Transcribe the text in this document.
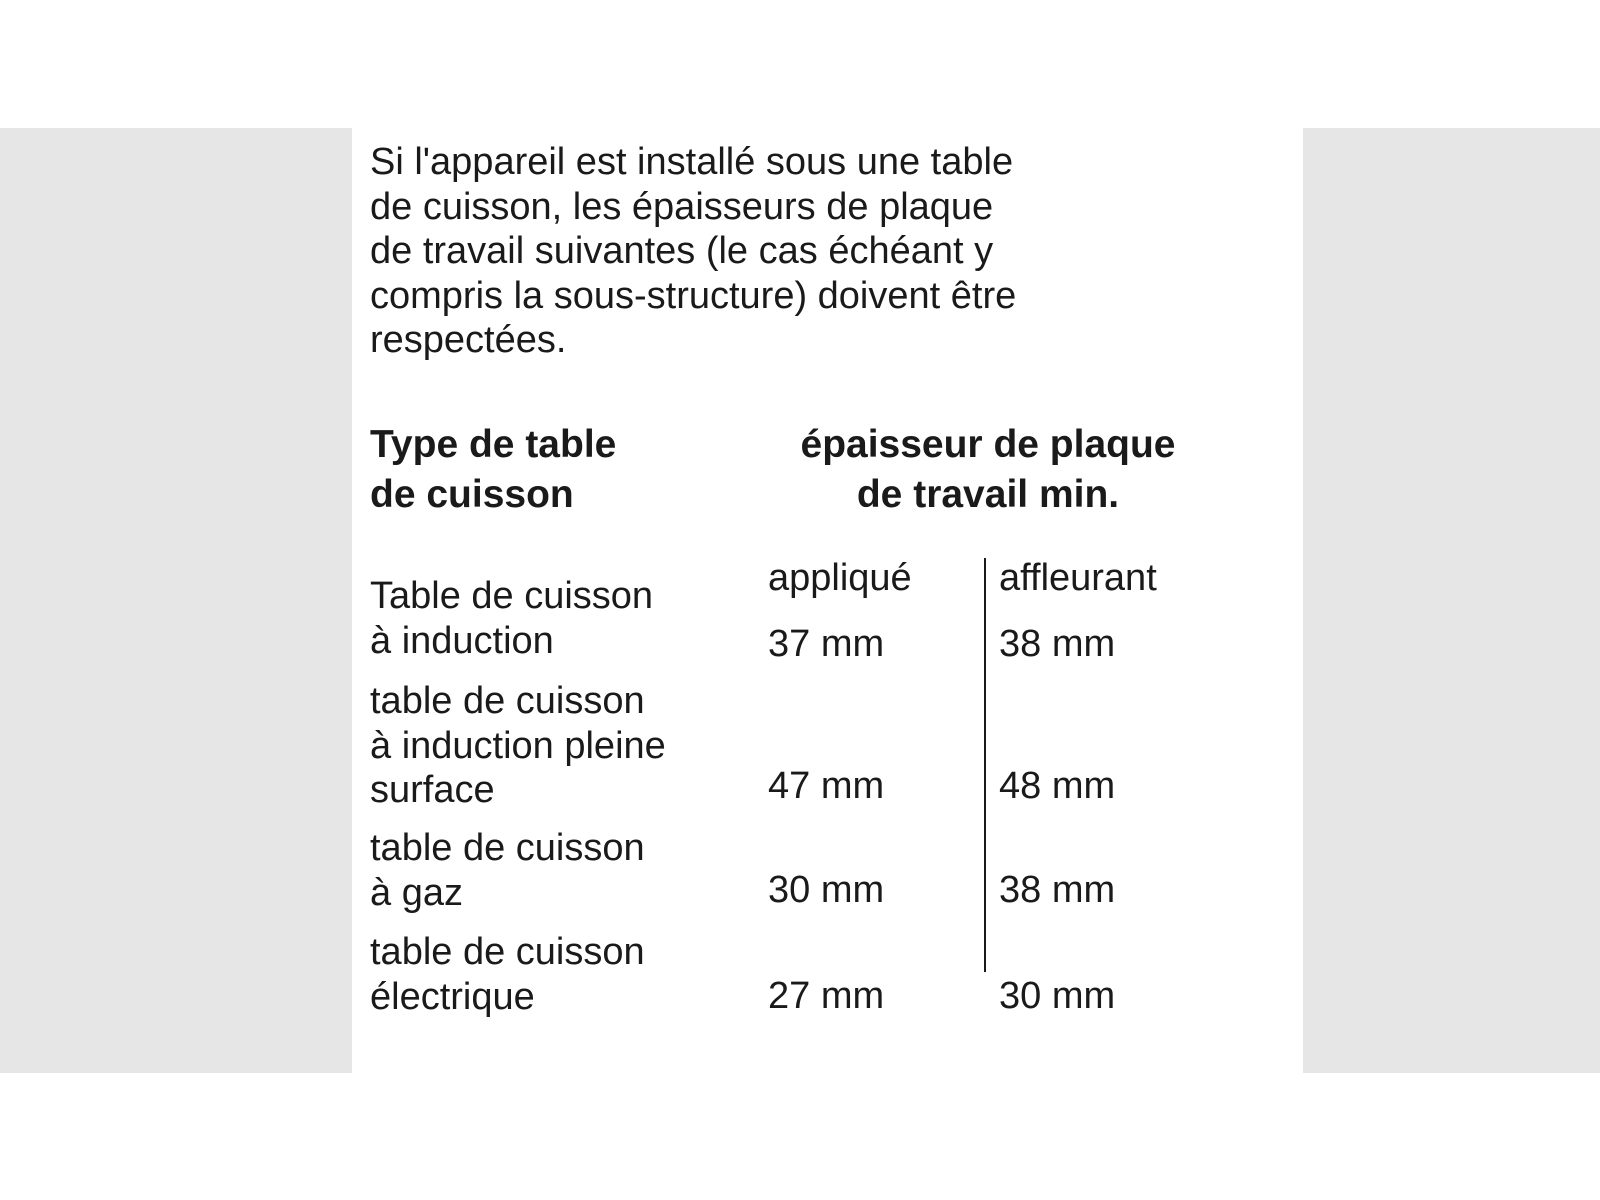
Si l'appareil est installé sous une table
de cuisson, les épaisseurs de plaque
de travail suivantes (le cas échéant y
compris la sous-structure) doivent être
respectées.

Type de table
de cuisson

épaisseur de plaque
de travail min.

appliqué affleurant

Table de cuisson
à induction	37 mm	38 mm

table de cuisson
à induction pleine
surface	47 mm	48 mm

table de cuisson
à gaz	30 mm	38 mm

table de cuisson
électrique	27 mm	30 mm
